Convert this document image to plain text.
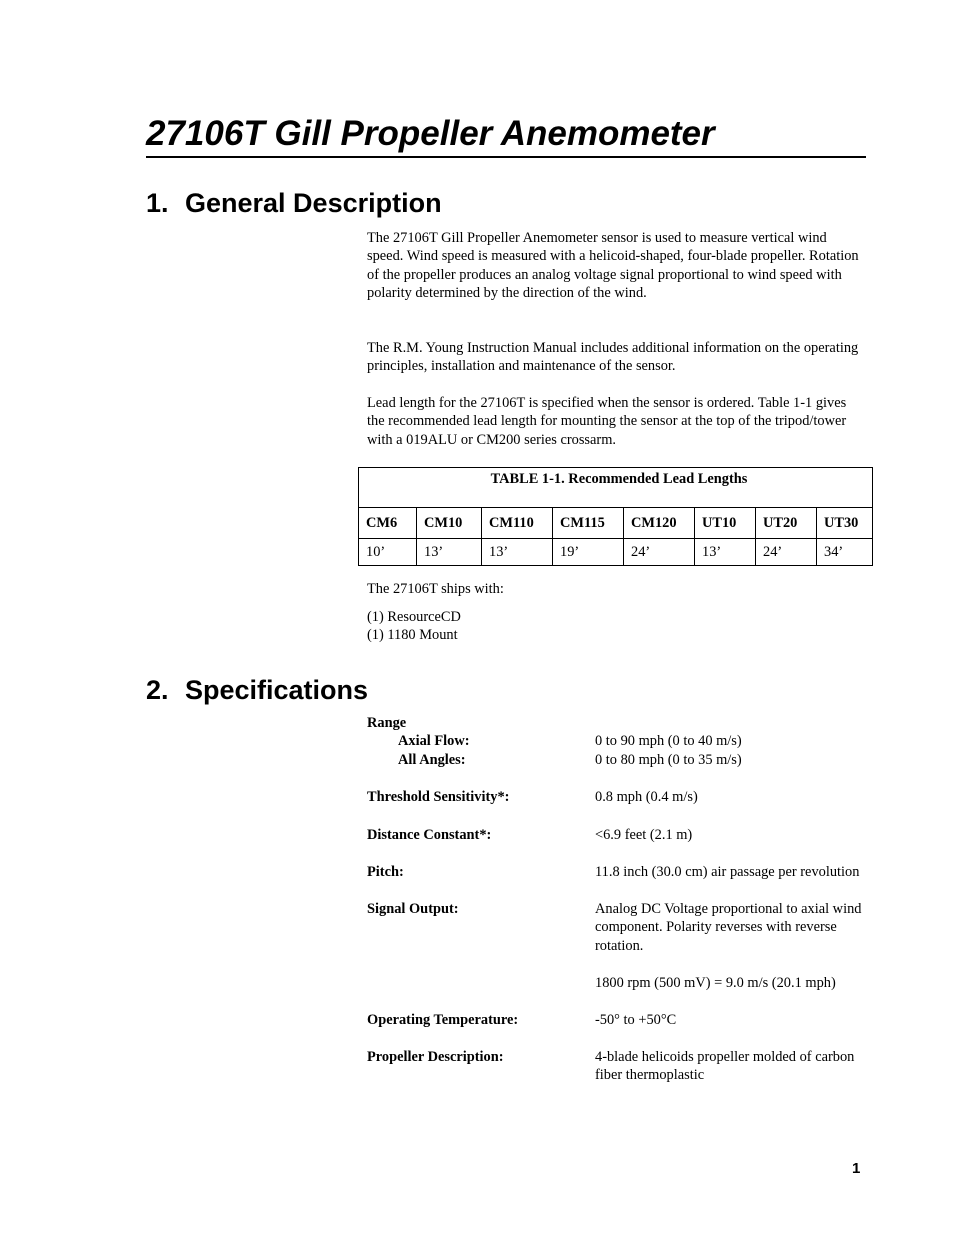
27106T Gill Propeller Anemometer
1. General Description

The 27106T Gill Propeller Anemometer sensor is used to measure vertical wind speed. Wind speed is measured with a helicoid-shaped, four-blade propeller. Rotation of the propeller produces an analog voltage signal proportional to wind speed with polarity determined by the direction of the wind.

The R.M. Young Instruction Manual includes additional information on the operating principles, installation and maintenance of the sensor.

Lead length for the 27106T is specified when the sensor is ordered. Table 1-1 gives the recommended lead length for mounting the sensor at the top of the tripod/tower with a 019ALU or CM200 series crossarm.

TABLE 1-1. Recommended Lead Lengths							
CM6	CM10	CM110	CM115	CM120	UT10	UT20	UT30
10’	13’	13’	19’	24’	13’	24’	34’

The 27106T ships with:

(1) ResourceCD

(1) 1180 Mount

2. Specifications
Range
Axial Flow:	0 to 90 mph (0 to 40 m/s)
All Angles:	0 to 80 mph (0 to 35 m/s)
Threshold Sensitivity*:	0.8 mph (0.4 m/s)
Distance Constant*:	<6.9 feet (2.1 m)
Pitch:	11.8 inch (30.0 cm) air passage per revolution
Signal Output:	Analog DC Voltage proportional to axial wind component. Polarity reverses with reverse rotation.
1800 rpm (500 mV) = 9.0 m/s (20.1 mph)
Operating Temperature:	-50° to +50°C
Propeller Description:	4-blade helicoids propeller molded of carbon fiber thermoplastic
1
